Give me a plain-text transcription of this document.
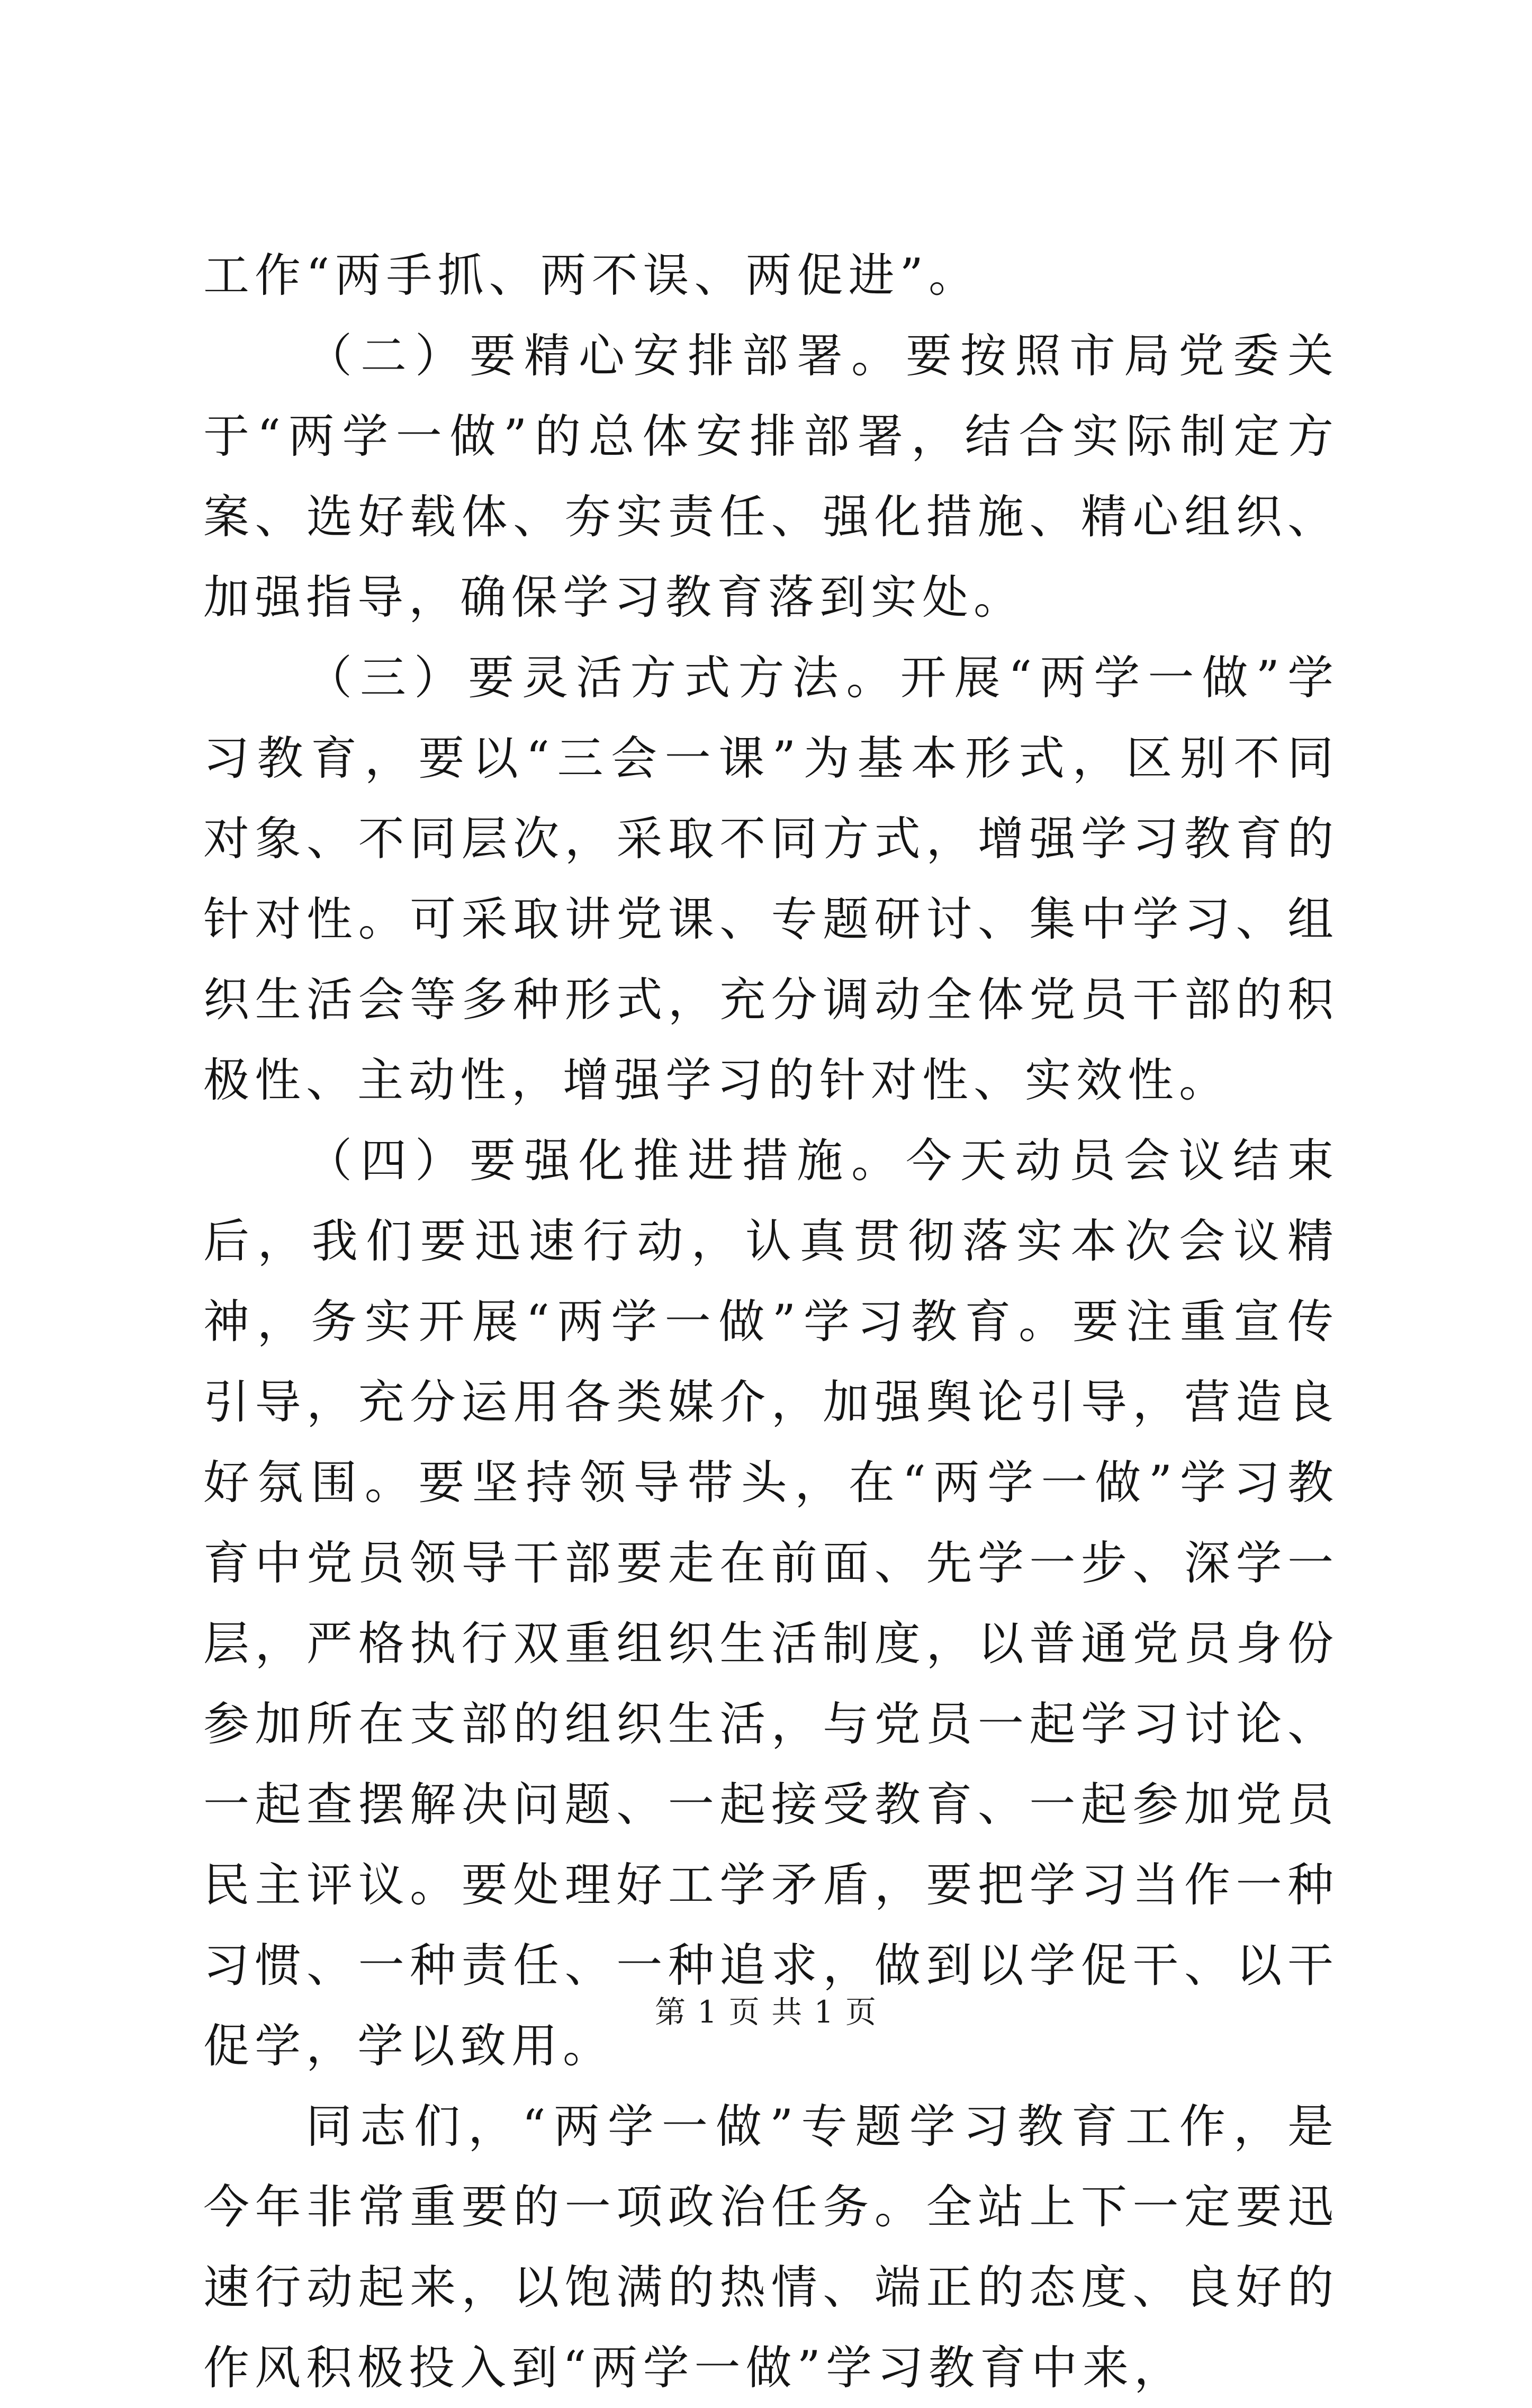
工作“两手抓、两不误、两促进”。

（二）要精心安排部署。要按照市局党委关于“两学一做”的总体安排部署，结合实际制定方案、选好载体、夯实责任、强化措施、精心组织、加强指导，确保学习教育落到实处。

（三）要灵活方式方法。开展“两学一做”学习教育，要以“三会一课”为基本形式，区别不同对象、不同层次，采取不同方式，增强学习教育的针对性。可采取讲党课、专题研讨、集中学习、组织生活会等多种形式，充分调动全体党员干部的积极性、主动性，增强学习的针对性、实效性。

（四）要强化推进措施。今天动员会议结束后，我们要迅速行动，认真贯彻落实本次会议精神，务实开展“两学一做”学习教育。要注重宣传引导，充分运用各类媒介，加强舆论引导，营造良好氛围。要坚持领导带头，在“两学一做”学习教育中党员领导干部要走在前面、先学一步、深学一层，严格执行双重组织生活制度，以普通党员身份参加所在支部的组织生活，与党员一起学习讨论、一起查摆解决问题、一起接受教育、一起参加党员民主评议。要处理好工学矛盾，要把学习当作一种习惯、一种责任、一种追求，做到以学促干、以干促学，学以致用。

同志们，“两学一做”专题学习教育工作，是今年非常重要的一项政治任务。全站上下一定要迅速行动起来，以饱满的热情、端正的态度、良好的作风积极投入到“两学一做”学习教育中来，

第 1 页 共 1 页
